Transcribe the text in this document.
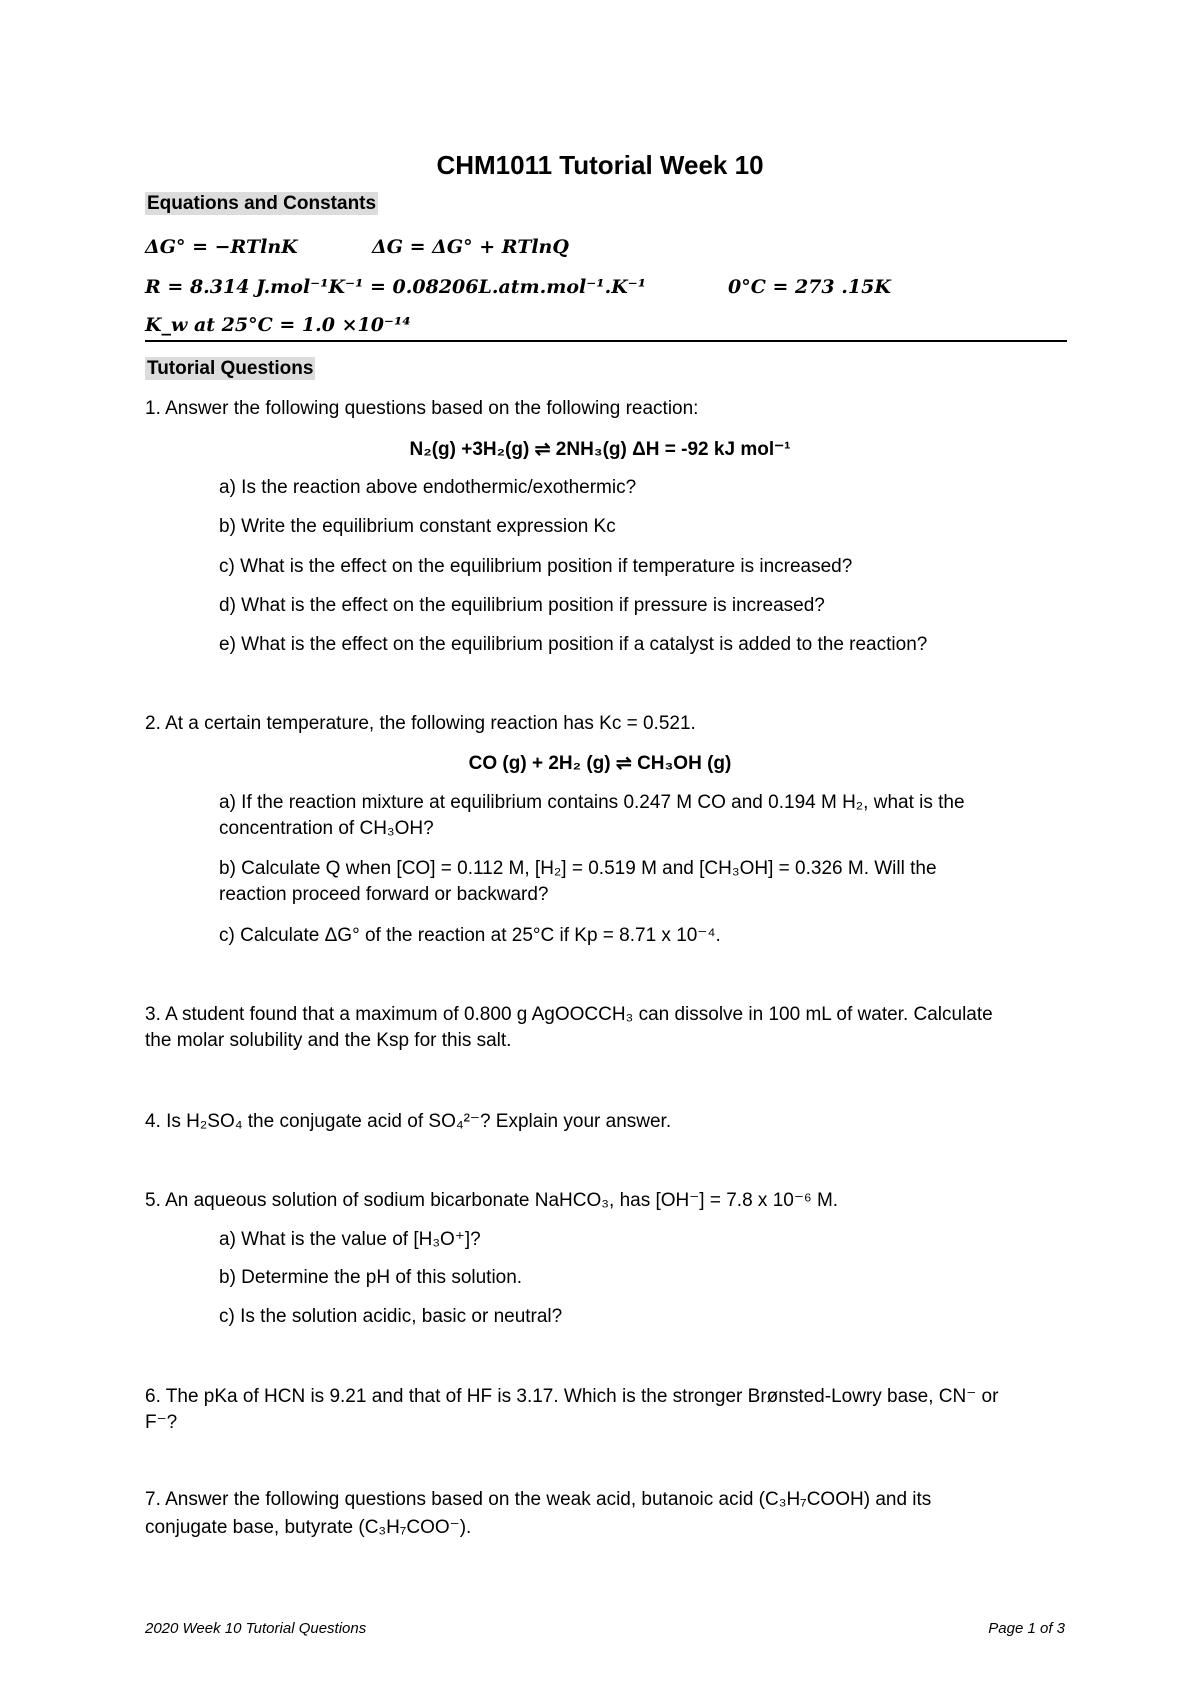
CHM1011 Tutorial Week 10
Equations and Constants
ΔG° = −RTlnK	ΔG = ΔG° + RTlnQ
R = 8.314 J.mol⁻¹K⁻¹ = 0.08206L.atm.mol⁻¹.K⁻¹	0°C = 273 .15K
K_w at 25°C = 1.0 ×10⁻¹⁴
Tutorial Questions
1. Answer the following questions based on the following reaction:
N₂(g) +3H₂(g) ⇌ 2NH₃(g) ΔH = -92 kJ mol⁻¹
a) Is the reaction above endothermic/exothermic?
b) Write the equilibrium constant expression Kc
c) What is the effect on the equilibrium position if temperature is increased?
d) What is the effect on the equilibrium position if pressure is increased?
e) What is the effect on the equilibrium position if a catalyst is added to the reaction?
2. At a certain temperature, the following reaction has Kc = 0.521.
CO (g) + 2H₂ (g) ⇌ CH₃OH (g)
a) If the reaction mixture at equilibrium contains 0.247 M CO and 0.194 M H₂, what is the
concentration of CH₃OH?
b) Calculate Q when [CO] = 0.112 M, [H₂] = 0.519 M and [CH₃OH] = 0.326 M. Will the
reaction proceed forward or backward?
c) Calculate ΔG° of the reaction at 25°C if Kp = 8.71 x 10⁻⁴.
3. A student found that a maximum of 0.800 g AgOOCCH₃ can dissolve in 100 mL of water. Calculate
the molar solubility and the Ksp for this salt.
4. Is H₂SO₄ the conjugate acid of SO₄²⁻? Explain your answer.
5. An aqueous solution of sodium bicarbonate NaHCO₃, has [OH⁻] = 7.8 x 10⁻⁶ M.
a) What is the value of [H₃O⁺]?
b) Determine the pH of this solution.
c) Is the solution acidic, basic or neutral?
6. The pKa of HCN is 9.21 and that of HF is 3.17. Which is the stronger Brønsted-Lowry base, CN⁻ or
F⁻?
7. Answer the following questions based on the weak acid, butanoic acid (C₃H₇COOH) and its
conjugate base, butyrate (C₃H₇COO⁻).
2020 Week 10 Tutorial Questions	Page 1 of 3
